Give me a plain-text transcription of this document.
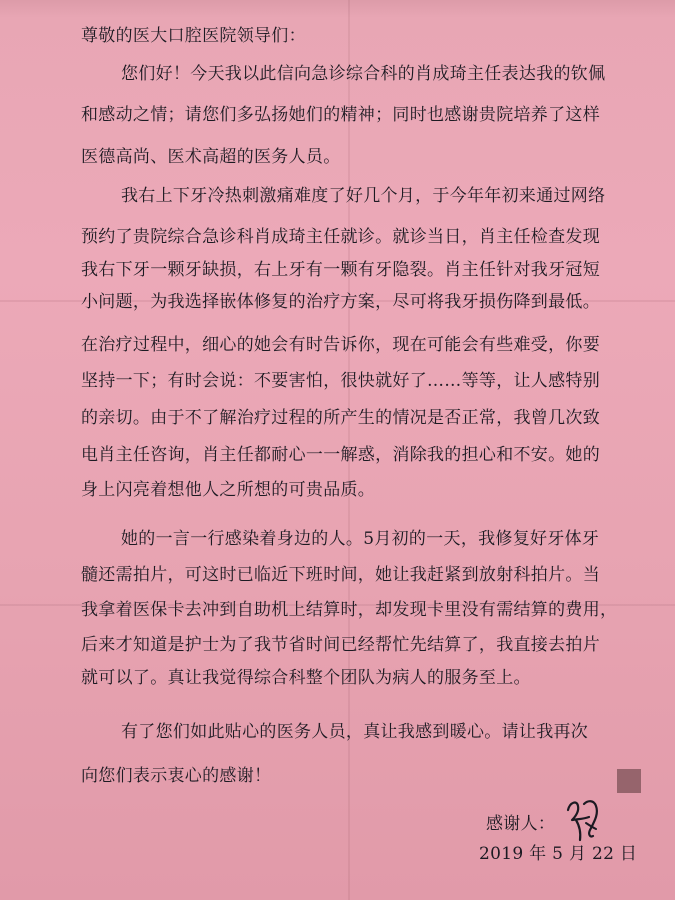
尊敬的医大口腔医院领导们：
您们好！今天我以此信向急诊综合科的肖成琦主任表达我的钦佩
和感动之情；请您们多弘扬她们的精神；同时也感谢贵院培养了这样
医德高尚、医术高超的医务人员。
我右上下牙冷热刺激痛难度了好几个月，于今年年初来通过网络
预约了贵院综合急诊科肖成琦主任就诊。就诊当日，肖主任检查发现
我右下牙一颗牙缺损，右上牙有一颗有牙隐裂。肖主任针对我牙冠短
小问题，为我选择嵌体修复的治疗方案，尽可将我牙损伤降到最低。
在治疗过程中，细心的她会有时告诉你，现在可能会有些难受，你要
坚持一下；有时会说：不要害怕，很快就好了……等等，让人感特别
的亲切。由于不了解治疗过程的所产生的情况是否正常，我曾几次致
电肖主任咨询，肖主任都耐心一一解惑，消除我的担心和不安。她的
身上闪亮着想他人之所想的可贵品质。
她的一言一行感染着身边的人。5月初的一天，我修复好牙体牙
髓还需拍片，可这时已临近下班时间，她让我赶紧到放射科拍片。当
我拿着医保卡去冲到自助机上结算时，却发现卡里没有需结算的费用，
后来才知道是护士为了我节省时间已经帮忙先结算了，我直接去拍片
就可以了。真让我觉得综合科整个团队为病人的服务至上。
有了您们如此贴心的医务人员，真让我感到暖心。请让我再次
向您们表示衷心的感谢！
感谢人：
2019 年 5 月 22 日
